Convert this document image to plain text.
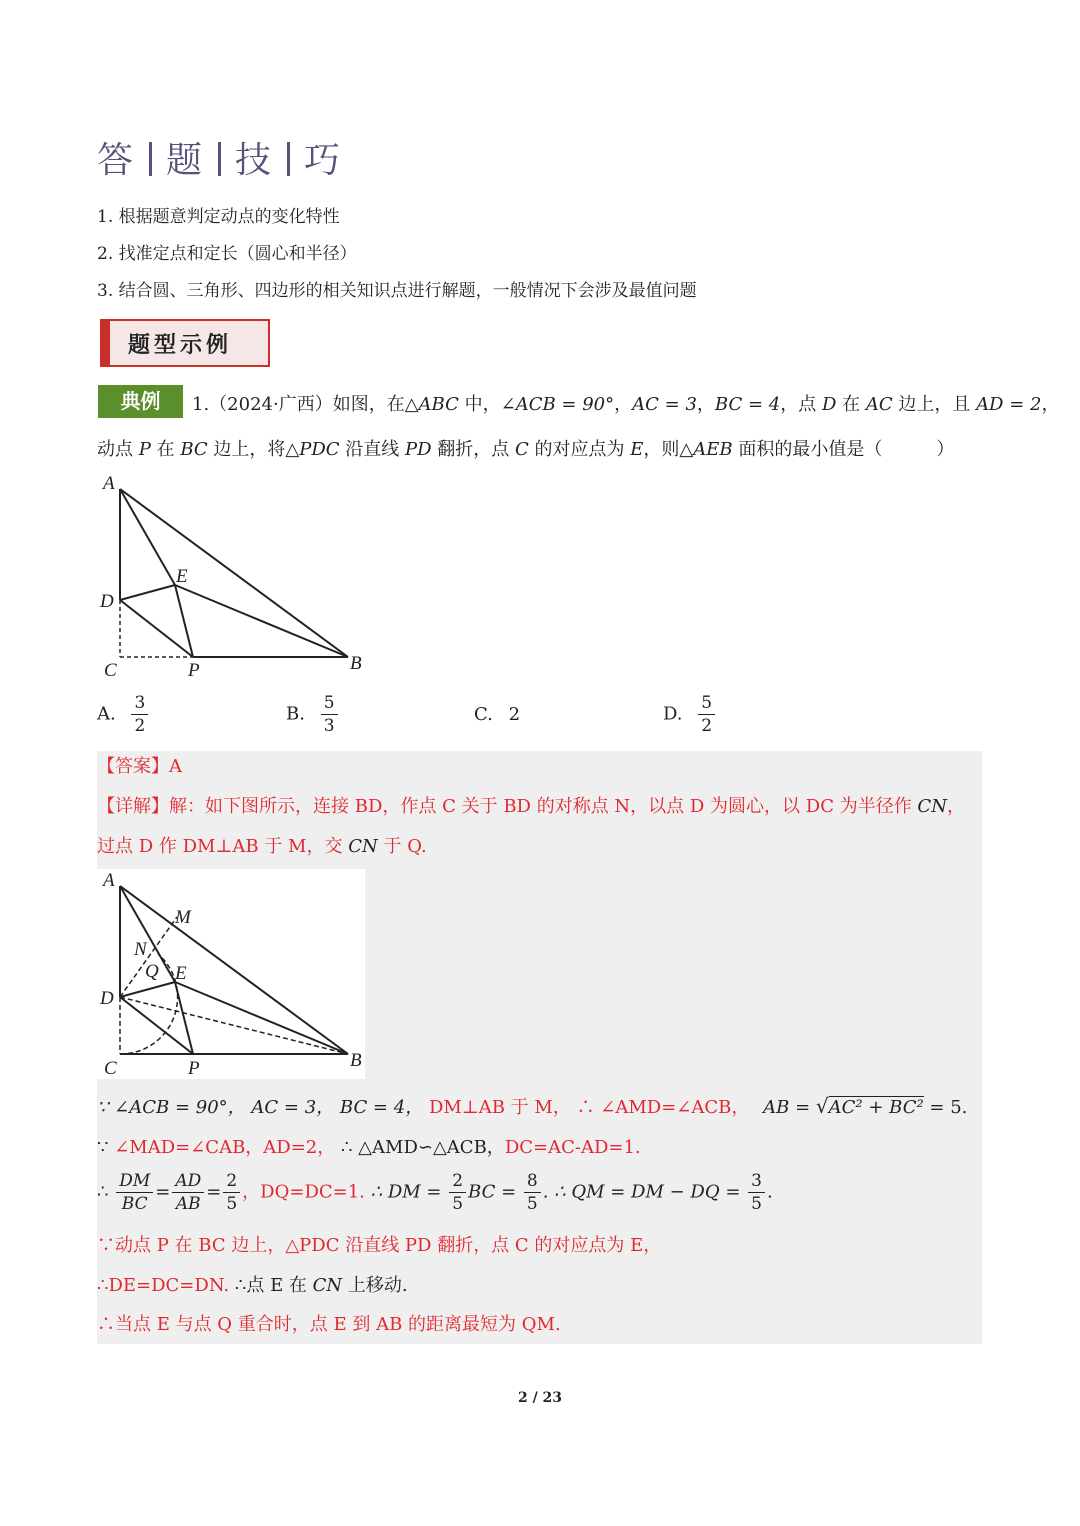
答 题 技 巧
1. 根据题意判定动点的变化特性
2. 找准定点和定长（圆心和半径）
3. 结合圆、三角形、四边形的相关知识点进行解题，一般情况下会涉及最值问题
题型示例
典例	1.（2024·广西）如图，在△ABC 中，∠ACB = 90°，AC = 3，BC = 4，点 D 在 AC 边上，且 AD = 2，
动点 P 在 BC 边上，将△PDC 沿直线 PD 翻折，点 C 的对应点为 E，则△AEB 面积的最小值是（　　　）
A
E
D
C	P	B
A. $\frac{3}{2}$	B. $\frac{5}{3}$	C. 2	D. $\frac{5}{2}$
【答案】A
【详解】解：如下图所示，连接 BD，作点 C 关于 BD 的对称点 N，以点 D 为圆心，以 DC 为半径作 CN，
过点 D 作 DM⊥AB 于 M，交 CN 于 Q.
A
M
N
Q E
D
C	P	B
∵ ∠ACB = 90°， AC = 3， BC = 4， DM⊥AB 于 M， ∴ ∠AMD=∠ACB， AB = √AC² + BC² = 5.
∵ ∠MAD=∠CAB，AD=2， ∴ △AMD∽△ACB，DC=AC-AD=1.
∴ $\frac{DM}{BC} = \frac{AD}{AB} = \frac{2}{5}$ ，DQ=DC=1. ∴ DM = $\frac{2}{5}$ BC = $\frac{8}{5}$ . ∴ QM = DM − DQ = $\frac{3}{5}$ .
∵动点 P 在 BC 边上，△PDC 沿直线 PD 翻折，点 C 的对应点为 E，
∴DE=DC=DN. ∴点 E 在 CN 上移动.
∴当点 E 与点 Q 重合时，点 E 到 AB 的距离最短为 QM.
2 / 23
